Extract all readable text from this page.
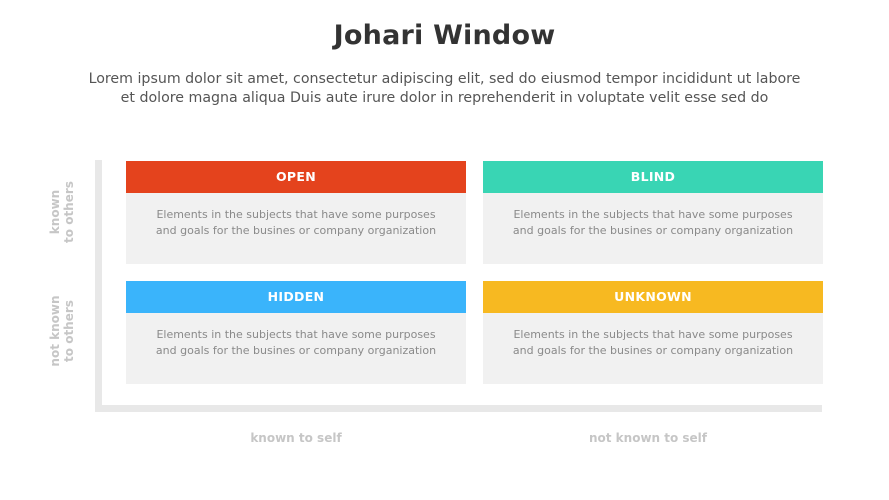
Johari Window
Lorem ipsum dolor sit amet, consectetur adipiscing elit, sed do eiusmod tempor incididunt ut labore
et dolore magna aliqua Duis aute irure dolor in reprehenderit in voluptate velit esse sed do
known to others
not known to others
known to self	not known to self
OPEN
Elements in the subjects that have some purposes
and goals for the busines or company organization
BLIND
Elements in the subjects that have some purposes
and goals for the busines or company organization
HIDDEN
Elements in the subjects that have some purposes
and goals for the busines or company organization
UNKNOWN
Elements in the subjects that have some purposes
and goals for the busines or company organization
